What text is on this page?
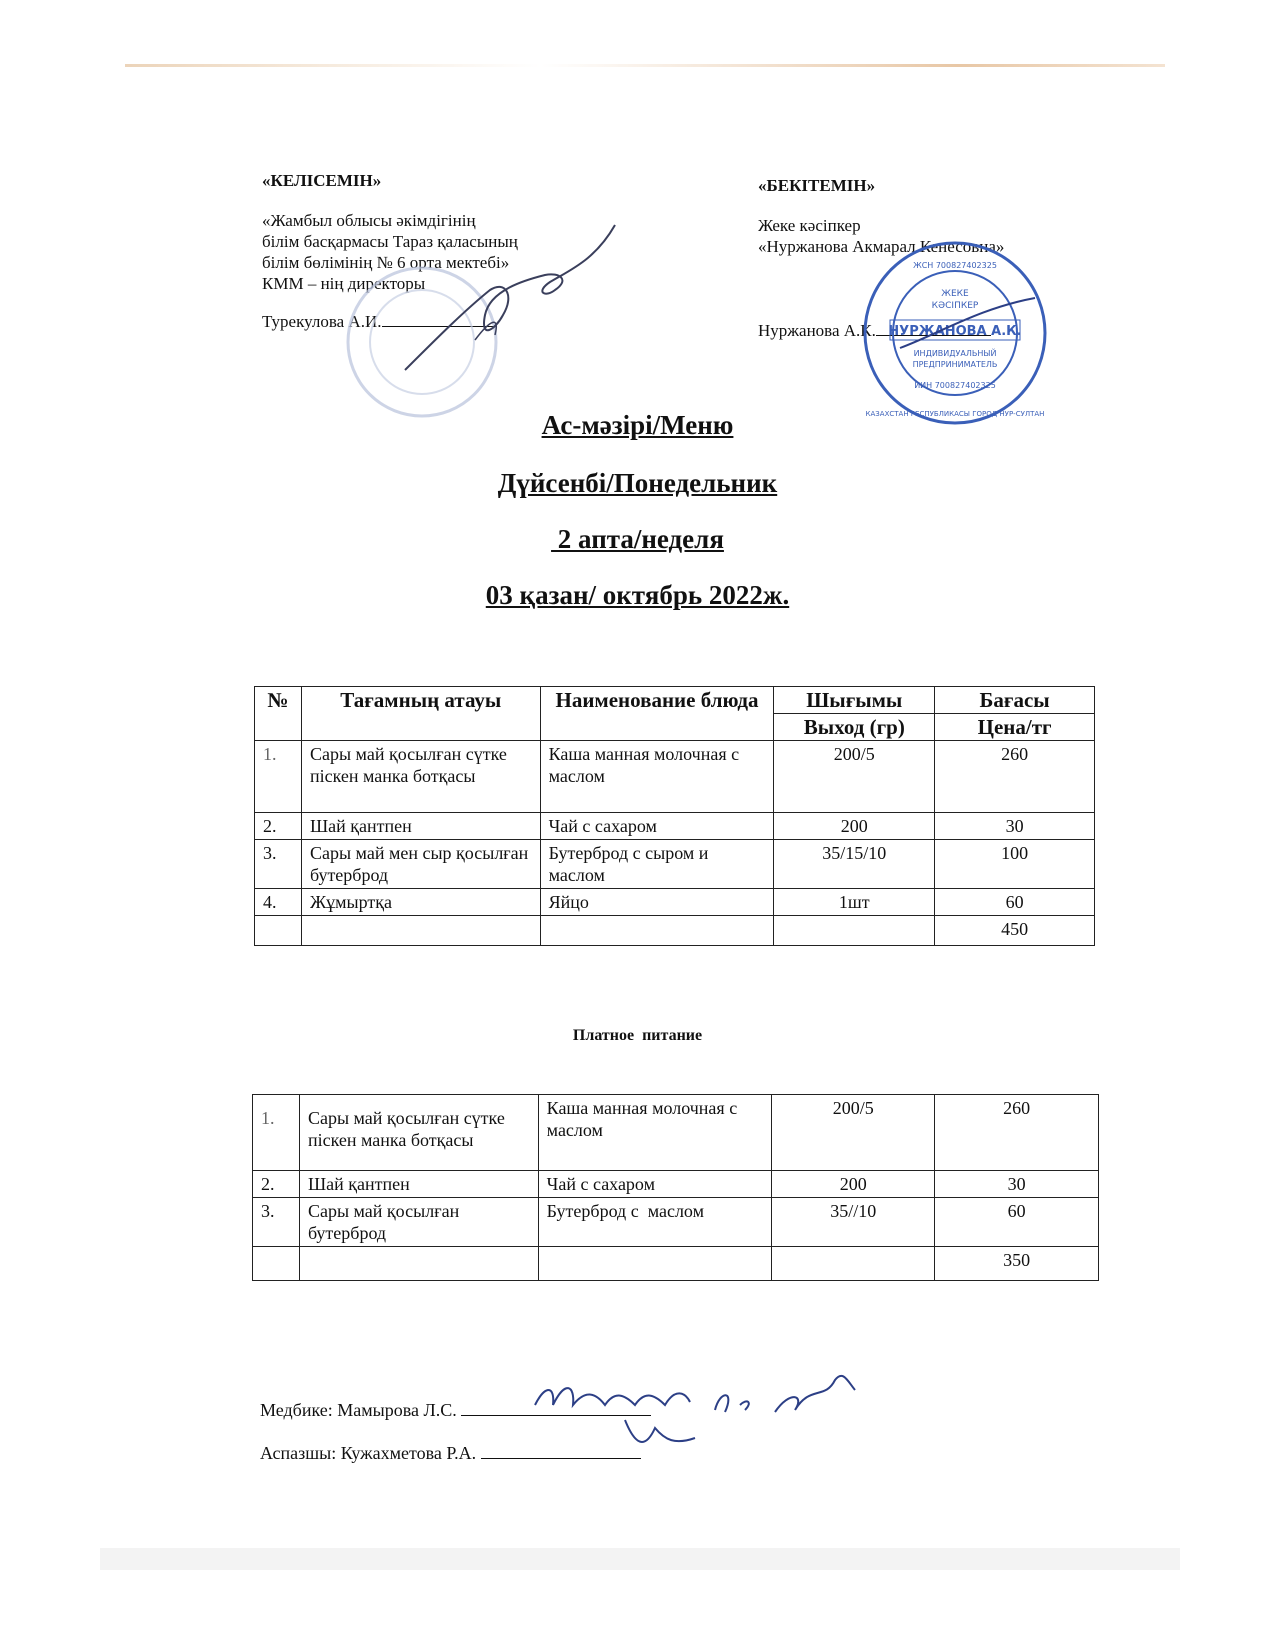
«КЕЛІСЕМІН»
«Жамбыл облысы әкімдігінің
білім басқармасы Тараз қаласының
білім бөлімінің № 6 орта мектебі»
КММ – нің директоры
Турекулова А.И.
«БЕКІТЕМІН»
Жеке кәсіпкер
«Нуржанова Акмарал Кенесовна»
Нуржанова А.К.
ЖЕКЕ
КӘСІПКЕР
НУРЖАНОВА А.К.
ИНДИВИДУАЛЬНЫЙ
ПРЕДПРИНИМАТЕЛЬ
ЖСН 700827402325
ИИН 700827402325
КАЗАХСТАН РЕСПУБЛИКАСЫ ГОРОД НУР-СУЛТАН
Ас-мәзірі/Меню
Дүйсенбі/Понедельник
2 апта/неделя
03 қазан/ октябрь 2022ж.
№	Тағамның атауы	Наименование блюда	Шығымы	Бағасы
			Выход (гр)	Цена/тг
1.	Сары май қосылған сүтке піскен манка ботқасы	Каша манная молочная с маслом	200/5	260
2.	Шай қантпен	Чай с сахаром	200	30
3.	Сары май мен сыр қосылған бутерброд	Бутерброд с сыром и маслом	35/15/10	100
4.	Жұмыртқа	Яйцо	1шт	60
				450
Платное  питание
1.	Сары май қосылған сүтке піскен манка ботқасы	Каша манная молочная с маслом	200/5	260
2.	Шай қантпен	Чай с сахаром	200	30
3.	Сары май қосылған бутерброд	Бутерброд с  маслом	35//10	60
				350
Медбике: Мамырова Л.С.
Аспазшы: Кужахметова Р.А.
